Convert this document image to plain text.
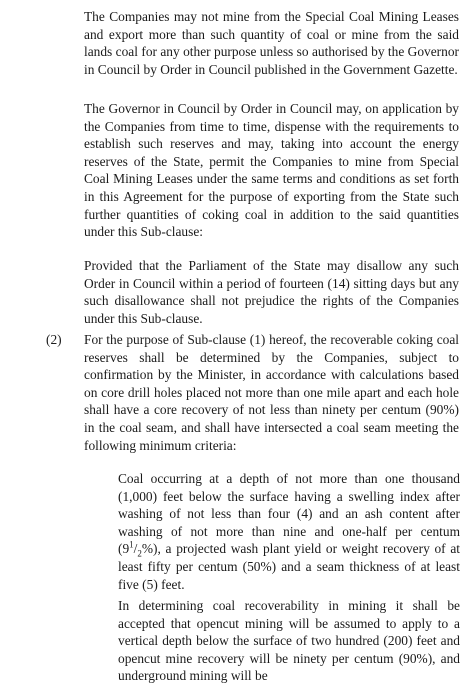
The Companies may not mine from the Special Coal Mining Leases and export more than such quantity of coal or mine from the said lands coal for any other purpose unless so authorised by the Governor in Council by Order in Council published in the Government Gazette.

The Governor in Council by Order in Council may, on application by the Companies from time to time, dispense with the requirements to establish such reserves and may, taking into account the energy reserves of the State, permit the Companies to mine from Special Coal Mining Leases under the same terms and conditions as set forth in this Agreement for the purpose of exporting from the State such further quantities of coking coal in addition to the said quantities under this Sub-clause:

Provided that the Parliament of the State may disallow any such Order in Council within a period of fourteen (14) sitting days but any such disallowance shall not prejudice the rights of the Companies under this Sub-clause.

(2) For the purpose of Sub-clause (1) hereof, the recoverable coking coal reserves shall be determined by the Companies, subject to confirmation by the Minister, in accordance with calculations based on core drill holes placed not more than one mile apart and each hole shall have a core recovery of not less than ninety per centum (90%) in the coal seam, and shall have intersected a coal seam meeting the following minimum criteria:

Coal occurring at a depth of not more than one thousand (1,000) feet below the surface having a swelling index after washing of not less than four (4) and an ash content after washing of not more than nine and one-half per centum $(9^1/_2\%)$, a projected wash plant yield or weight recovery of at least fifty per centum (50%) and a seam thickness of at least five (5) feet.

In determining coal recoverability in mining it shall be accepted that opencut mining will be assumed to apply to a vertical depth below the surface of two hundred (200) feet and opencut mine recovery will be ninety per centum (90%), and underground mining will be
